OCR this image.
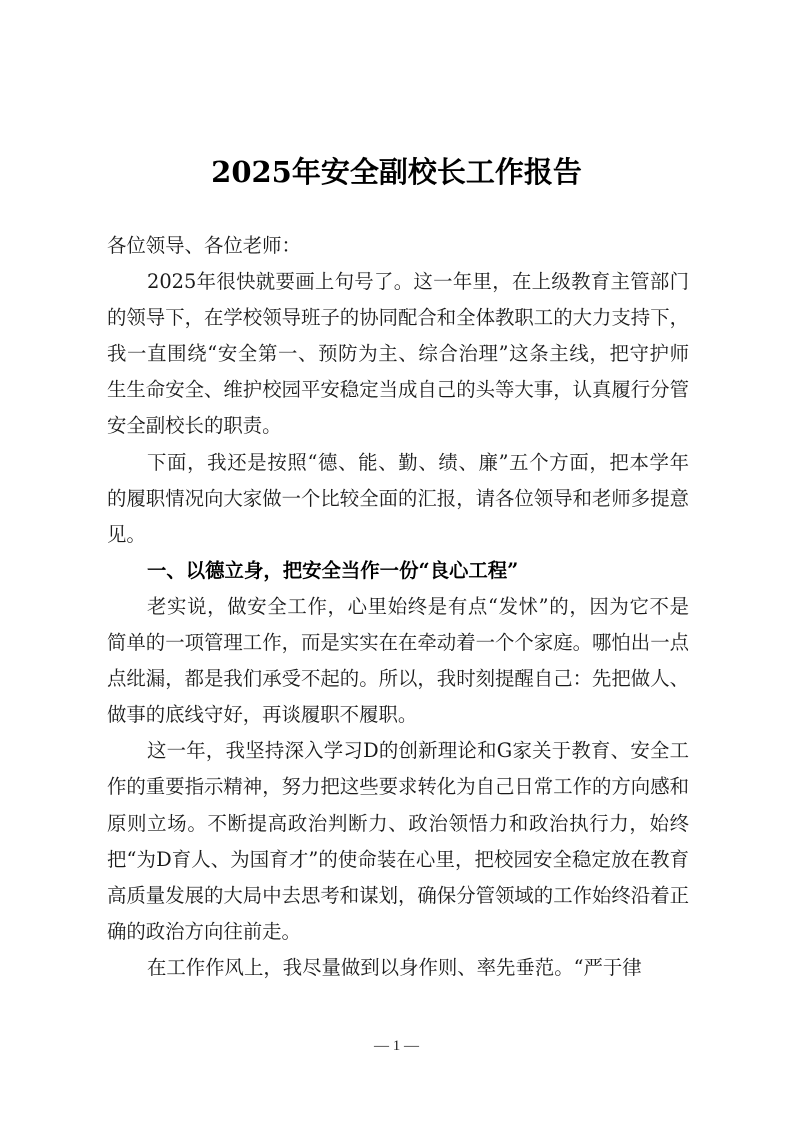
2025年安全副校长工作报告

各位领导、各位老师：

2025年很快就要画上句号了。这一年里，在上级教育主管部门的领导下，在学校领导班子的协同配合和全体教职工的大力支持下，我一直围绕“安全第一、预防为主、综合治理”这条主线，把守护师生生命安全、维护校园平安稳定当成自己的头等大事，认真履行分管安全副校长的职责。

下面，我还是按照“德、能、勤、绩、廉”五个方面，把本学年的履职情况向大家做一个比较全面的汇报，请各位领导和老师多提意见。

一、以德立身，把安全当作一份“良心工程”

老实说，做安全工作，心里始终是有点“发怵”的，因为它不是简单的一项管理工作，而是实实在在牵动着一个个家庭。哪怕出一点点纰漏，都是我们承受不起的。所以，我时刻提醒自己：先把做人、做事的底线守好，再谈履职不履职。

这一年，我坚持深入学习D的创新理论和G家关于教育、安全工作的重要指示精神，努力把这些要求转化为自己日常工作的方向感和原则立场。不断提高政治判断力、政治领悟力和政治执行力，始终把“为D育人、为国育才”的使命装在心里，把校园安全稳定放在教育高质量发展的大局中去思考和谋划，确保分管领域的工作始终沿着正确的政治方向往前走。

在工作作风上，我尽量做到以身作则、率先垂范。“严于律

— 1 —
